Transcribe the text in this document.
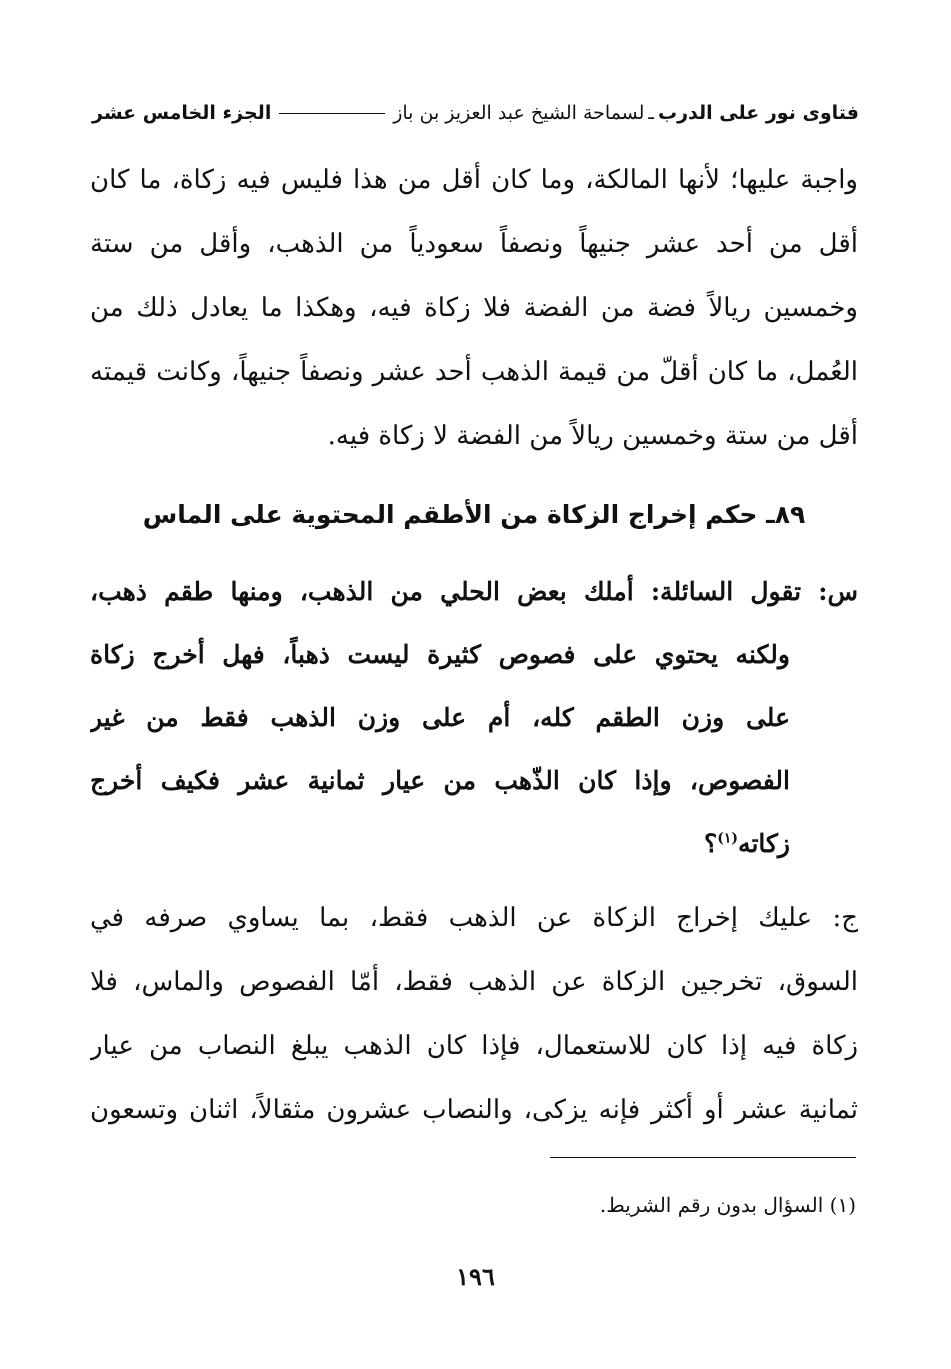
فتاوى نور على الدرب
ـ
لسماحة الشيخ عبد العزيز بن باز
الجزء الخامس عشر
واجبة عليها؛ لأنها المالكة، وما كان أقل من هذا فليس فيه زكاة، ما كان
أقل من أحد عشر جنيهاً ونصفاً سعودياً من الذهب، وأقل من ستة
وخمسين ريالاً فضة من الفضة فلا زكاة فيه، وهكذا ما يعادل ذلك من
العُمل، ما كان أقلّ من قيمة الذهب أحد عشر ونصفاً جنيهاً، وكانت قيمته
أقل من ستة وخمسين ريالاً من الفضة لا زكاة فيه.
٨٩ـ حكم إخراج الزكاة من الأطقم المحتوية على الماس
س: تقول السائلة: أملك بعض الحلي من الذهب، ومنها طقم ذهب،
ولكنه يحتوي على فصوص كثيرة ليست ذهباً، فهل أخرج زكاة
على وزن الطقم كله، أم على وزن الذهب فقط من غير
الفصوص، وإذا كان الذّهب من عيار ثمانية عشر فكيف أخرج
زكاته$^{(١)}$؟
ج: عليك إخراج الزكاة عن الذهب فقط، بما يساوي صرفه في
السوق، تخرجين الزكاة عن الذهب فقط، أمّا الفصوص والماس، فلا
زكاة فيه إذا كان للاستعمال، فإذا كان الذهب يبلغ النصاب من عيار
ثمانية عشر أو أكثر فإنه يزكى، والنصاب عشرون مثقالاً، اثنان وتسعون
(١) السؤال بدون رقم الشريط.
١٩٦
